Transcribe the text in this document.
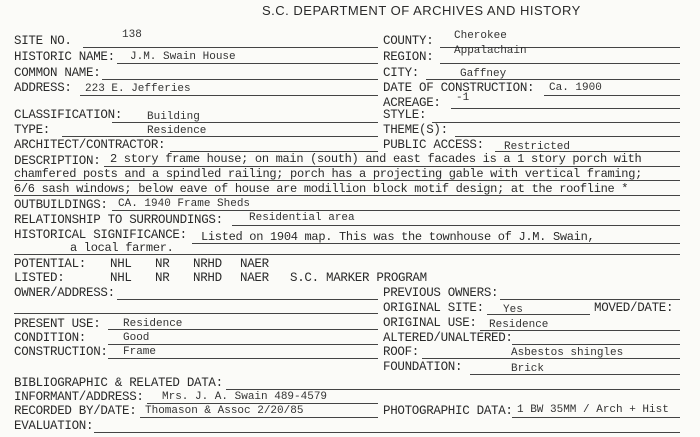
S.C. DEPARTMENT OF ARCHIVES AND HISTORY
SITE NO.	138	COUNTY: Cherokee
HISTORIC NAME: J.M. Swain House	REGION: Appalachain
COMMON NAME:	CITY:	Gaffney
ADDRESS: 223 E. Jefferies	DATE OF CONSTRUCTION: Ca. 1900
ACREAGE: -1
CLASSIFICATION: Building	STYLE:
TYPE:	Residence	THEME(S):
ARCHITECT/CONTRACTOR:	PUBLIC ACCESS: Restricted
DESCRIPTION: 2 story frame house; on main (south) and east facades is a 1 story porch with
chamfered posts and a spindled railing; porch has a projecting gable with vertical framing;
6/6 sash windows; below eave of house are modillion block motif design; at the roofline *
OUTBUILDINGS: CA. 1940 Frame Sheds
RELATIONSHIP TO SURROUNDINGS: Residential area
HISTORICAL SIGNIFICANCE: Listed on 1904 map. This was the townhouse of J.M. Swain,
a local farmer.
POTENTIAL: NHL NR NRHD NAER
LISTED:	NHL NR NRHD NAER S.C. MARKER PROGRAM
OWNER/ADDRESS:	PREVIOUS OWNERS:
ORIGINAL SITE: Yes	MOVED/DATE:
PRESENT USE: Residence	ORIGINAL USE: Residence
CONDITION:	Good	ALTERED/UNALTERED:
CONSTRUCTION: Frame	ROOF:	Asbestos shingles
FOUNDATION:	Brick
BIBLIOGRAPHIC & RELATED DATA:
INFORMANT/ADDRESS: Mrs. J. A. Swain 489-4579
RECORDED BY/DATE: Thomason & Assoc 2/20/85	PHOTOGRAPHIC DATA: 1 BW 35MM / Arch + Hist
EVALUATION:
